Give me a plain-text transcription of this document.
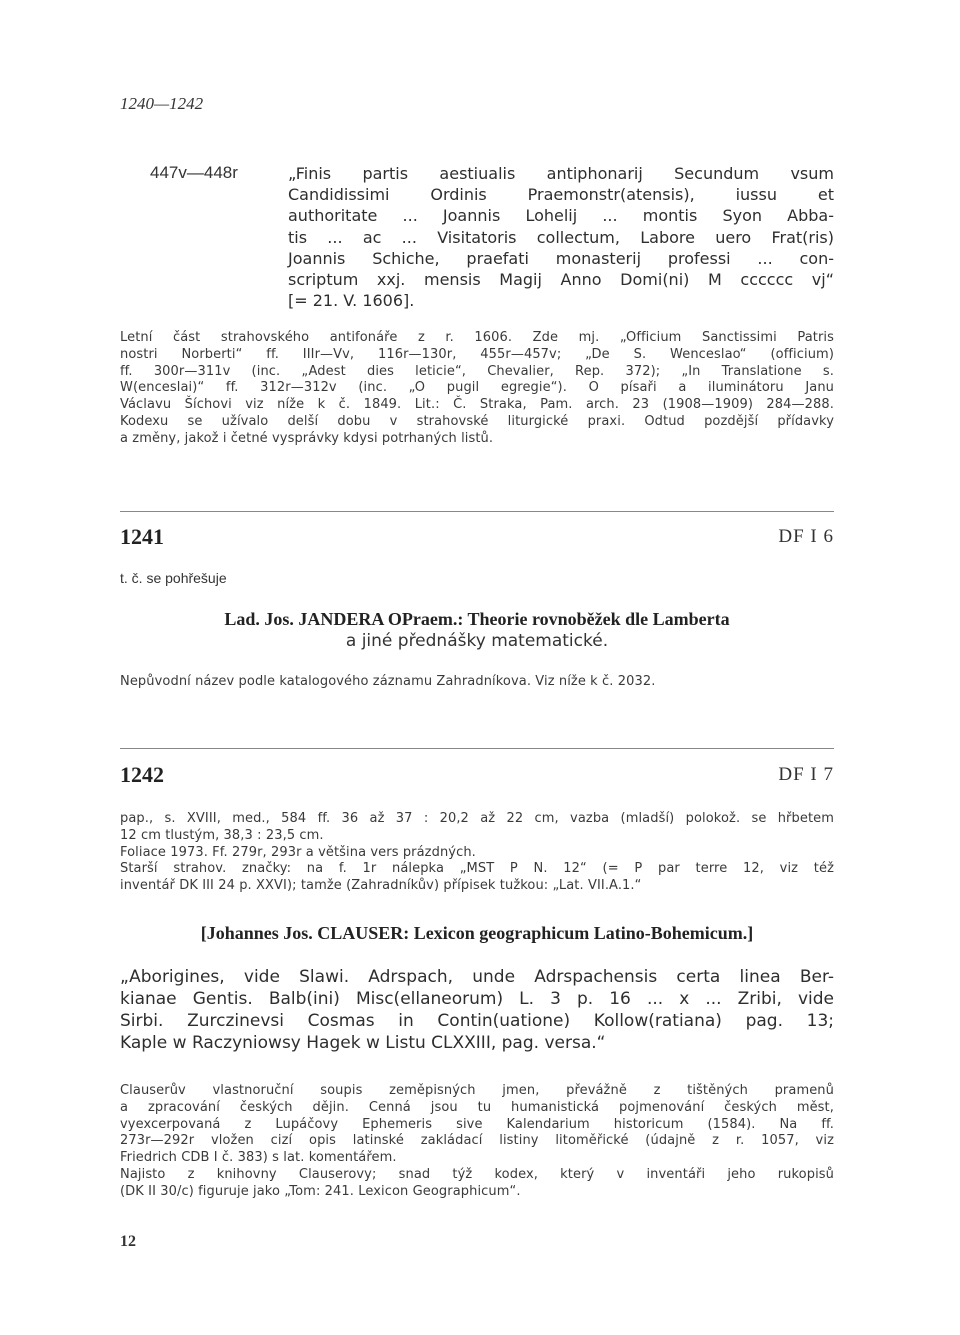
1240—1242
447v—448r	„Finis partis aestiualis antiphonarij Secundum vsum

Candidissimi Ordinis Praemonstr(atensis), iussu et

authoritate ... Joannis Lohelij ... montis Syon Abba-

tis ... ac ... Visitatoris collectum, Labore uero Frat(ris)

Joannis Schiche, praefati monasterij professi ... con-

scriptum xxj. mensis Magij Anno Domi(ni) M cccccc vj“

[= 21. V. 1606].

Letní část strahovského antifonáře z r. 1606. Zde mj. „Officium Sanctissimi Patris

nostri Norberti“ ff. IIIr—Vv, 116r—130r, 455r—457v; „De S. Wenceslao“ (officium)

ff. 300r—311v (inc. „Adest dies leticie“, Chevalier, Rep. 372); „In Translatione s.

W(enceslai)“ ff. 312r—312v (inc. „O pugil egregie“). O písaři a iluminátoru Janu

Václavu Šíchovi viz níže k č. 1849. Lit.: Č. Straka, Pam. arch. 23 (1908—1909) 284—288.

Kodexu se užívalo delší dobu v strahovské liturgické praxi. Odtud pozdější přídavky

a změny, jakož i četné vysprávky kdysi potrhaných listů.

1241	DF I 6
t. č. se pohřešuje
Lad. Jos. JANDERA OPraem.: Theorie rovnoběžek dle Lamberta
a jiné přednášky matematické.

Nepůvodní název podle katalogového záznamu Zahradníkova. Viz níže k č. 2032.

1242	DF I 7

pap., s. XVIII, med., 584 ff. 36 až 37 : 20,2 až 22 cm, vazba (mladší) polokož. se hřbetem

12 cm tlustým, 38,3 : 23,5 cm.

Foliace 1973. Ff. 279r, 293r a většina vers prázdných.

Starší strahov. značky: na f. 1r nálepka „MST P N. 12“ (= P par terre 12, viz též

inventář DK III 24 p. XXVI); tamže (Zahradníkův) přípisek tužkou: „Lat. VII.A.1.“

[Johannes Jos. CLAUSER: Lexicon geographicum Latino-Bohemicum.]

„Aborigines, vide Slawi. Adrspach, unde Adrspachensis certa linea Ber-

kianae Gentis. Balb(ini) Misc(ellaneorum) L. 3 p. 16 ... x ... Zribi, vide

Sirbi. Zurczinevsi Cosmas in Contin(uatione) Kollow(ratiana) pag. 13;

Kaple w Raczyniowsy Hagek w Listu CLXXIII, pag. versa.“

Clauserův vlastnoruční soupis zeměpisných jmen, převážně z tištěných pramenů

a zpracování českých dějin. Cenná jsou tu humanistická pojmenování českých měst,

vyexcerpovaná z Lupáčovy Ephemeris sive Kalendarium historicum (1584). Na ff.

273r—292r vložen cizí opis latinské zakládací listiny litoměřické (údajně z r. 1057, viz

Friedrich CDB I č. 383) s lat. komentářem.

Najisto z knihovny Clauserovy; snad týž kodex, který v inventáři jeho rukopisů

(DK II 30/c) figuruje jako „Tom: 241. Lexicon Geographicum“.

12
